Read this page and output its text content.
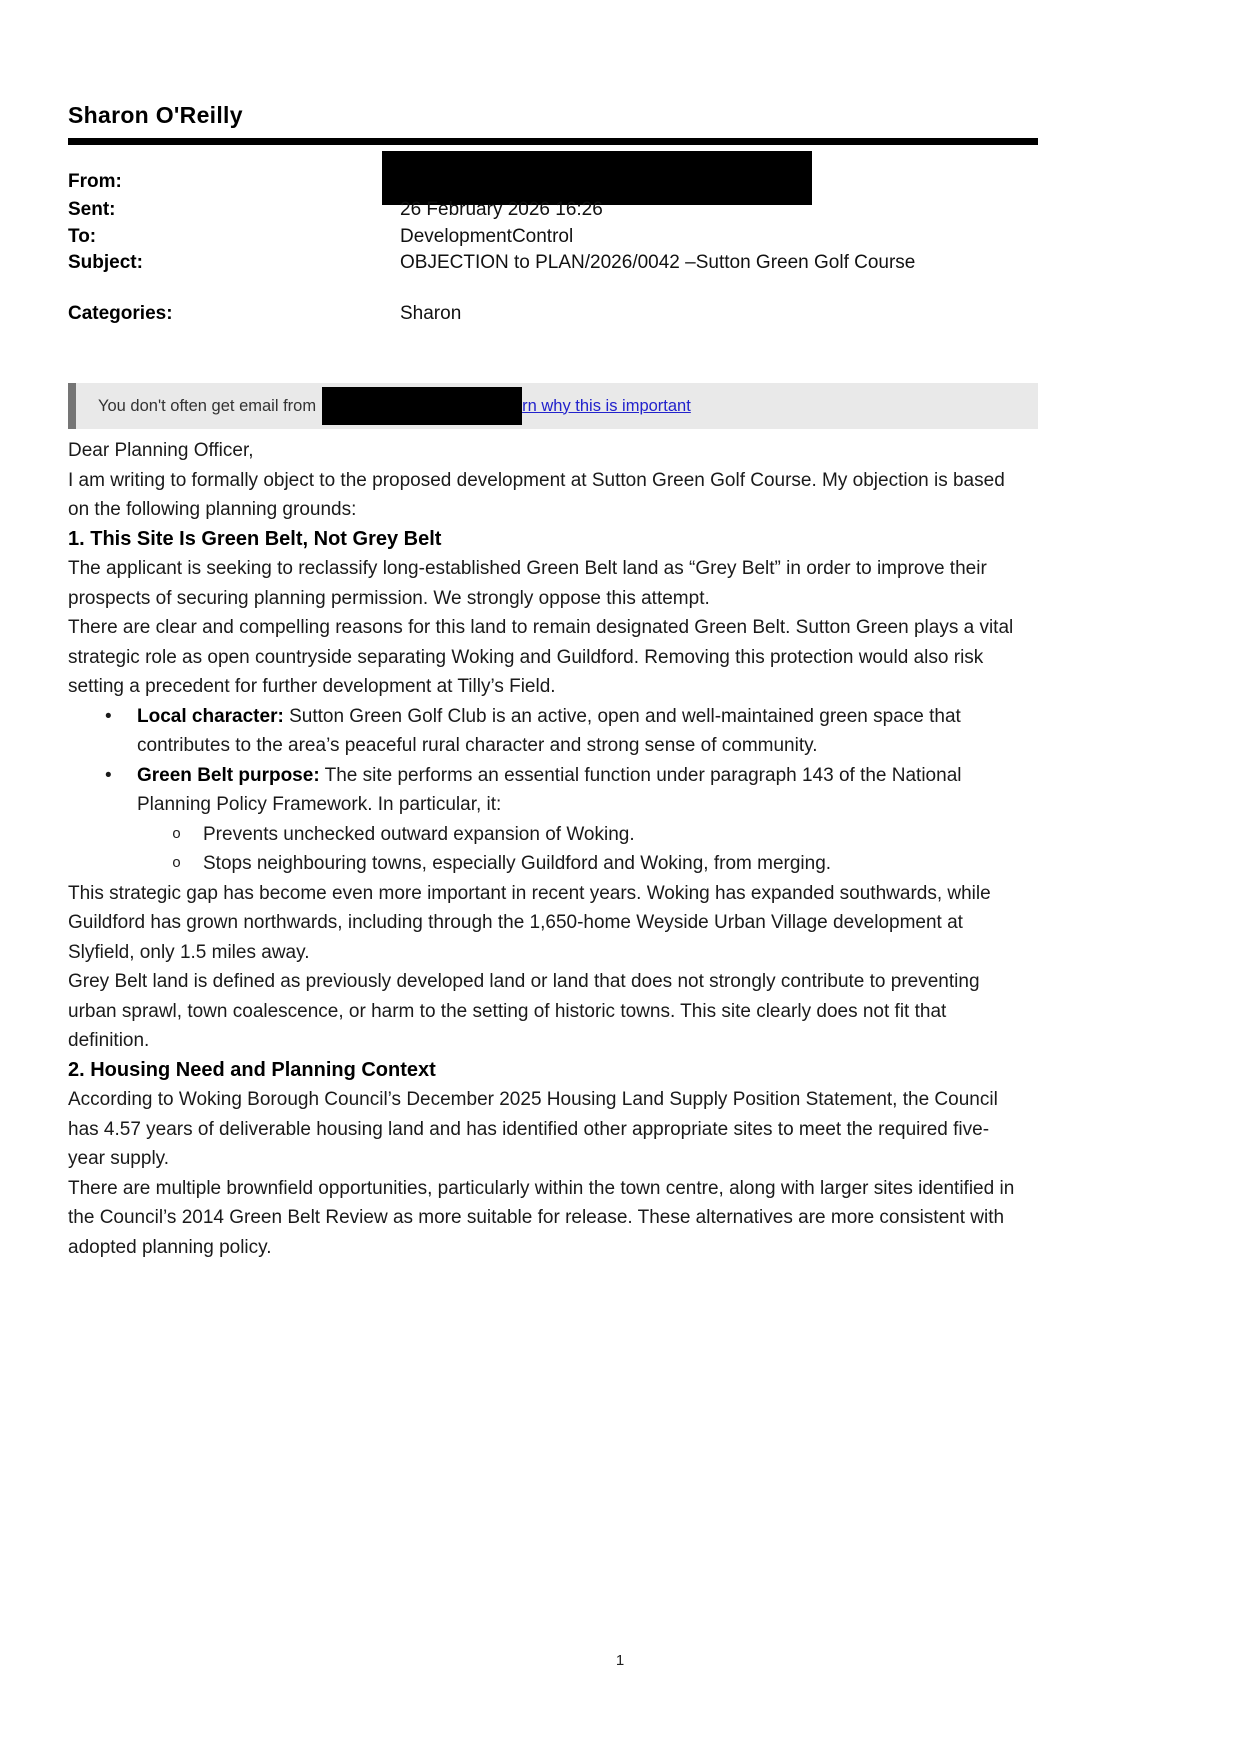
Sharon O'Reilly
From:
Sent:	26 February 2026 16:26
To:	DevelopmentControl
Subject:	OBJECTION to PLAN/2026/0042 –Sutton Green Golf Course
Categories:	Sharon
You don't often get email from	rn why this is important
Dear Planning Officer,
I am writing to formally object to the proposed development at Sutton Green Golf Course. My objection is based on the following planning grounds:
1. This Site Is Green Belt, Not Grey Belt
The applicant is seeking to reclassify long-established Green Belt land as “Grey Belt” in order to improve their prospects of securing planning permission. We strongly oppose this attempt.
There are clear and compelling reasons for this land to remain designated Green Belt. Sutton Green plays a vital strategic role as open countryside separating Woking and Guildford. Removing this protection would also risk setting a precedent for further development at Tilly’s Field.
•	Local character: Sutton Green Golf Club is an active, open and well-maintained green space that contributes to the area’s peaceful rural character and strong sense of community.
•	Green Belt purpose: The site performs an essential function under paragraph 143 of the National Planning Policy Framework. In particular, it:
o	Prevents unchecked outward expansion of Woking.
o	Stops neighbouring towns, especially Guildford and Woking, from merging.
This strategic gap has become even more important in recent years. Woking has expanded southwards, while Guildford has grown northwards, including through the 1,650-home Weyside Urban Village development at Slyfield, only 1.5 miles away.
Grey Belt land is defined as previously developed land or land that does not strongly contribute to preventing urban sprawl, town coalescence, or harm to the setting of historic towns. This site clearly does not fit that definition.
2. Housing Need and Planning Context
According to Woking Borough Council’s December 2025 Housing Land Supply Position Statement, the Council has 4.57 years of deliverable housing land and has identified other appropriate sites to meet the required five-year supply.
There are multiple brownfield opportunities, particularly within the town centre, along with larger sites identified in the Council’s 2014 Green Belt Review as more suitable for release. These alternatives are more consistent with adopted planning policy.
1
